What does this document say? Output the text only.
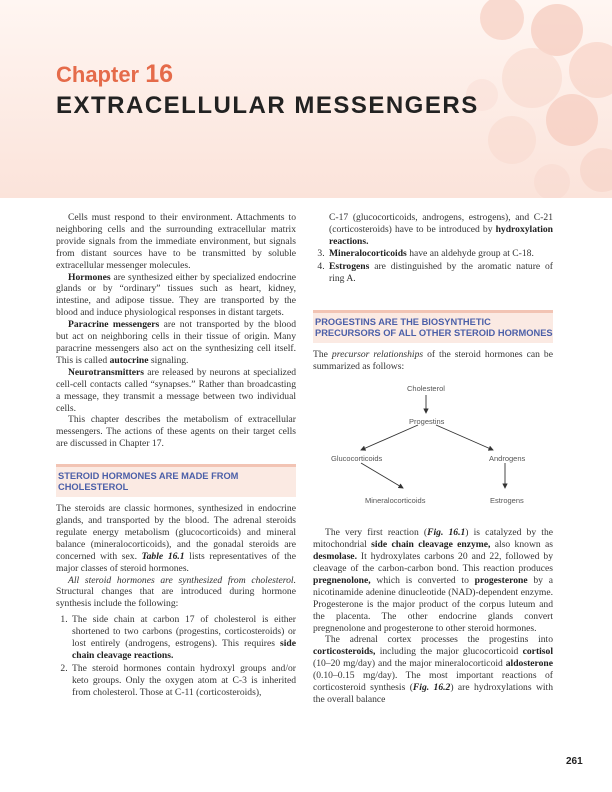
Chapter 16
EXTRACELLULAR MESSENGERS

Cells must respond to their environment. Attachments to neighboring cells and the surrounding extracellular matrix provide signals from the immediate environment, but signals from distant sources have to be transmitted by soluble extracellular messenger molecules.

Hormones are synthesized either by specialized endocrine glands or by “ordinary” tissues such as heart, kidney, intestine, and adipose tissue. They are transported by the blood and induce physiological responses in distant targets.

Paracrine messengers are not transported by the blood but act on neighboring cells in their tissue of origin. Many paracrine messengers also act on the synthesizing cell itself. This is called autocrine signaling.

Neurotransmitters are released by neurons at specialized cell-cell contacts called “synapses.” Rather than broadcasting a message, they transmit a message between two individual cells.

This chapter describes the metabolism of extracellular messengers. The actions of these agents on their target cells are discussed in Chapter 17.

STEROID HORMONES ARE MADE FROM CHOLESTEROL

The steroids are classic hormones, synthesized in endocrine glands, and transported by the blood. The adrenal steroids regulate energy metabolism (glucocorticoids) and mineral balance (mineralocorticoids), and the gonadal steroids are concerned with sex. Table 16.1 lists representatives of the major classes of steroid hormones.

All steroid hormones are synthesized from cholesterol. Structural changes that are introduced during hormone synthesis include the following:

1. The side chain at carbon 17 of cholesterol is either shortened to two carbons (progestins, corticosteroids) or lost entirely (androgens, estrogens). This requires side chain cleavage reactions.
2. The steroid hormones contain hydroxyl groups and/or keto groups. Only the oxygen atom at C-3 is inherited from cholesterol. Those at C-11 (corticosteroids),

C-17 (glucocorticoids, androgens, estrogens), and C-21 (corticosteroids) have to be introduced by hydroxylation reactions.

3. Mineralocorticoids have an aldehyde group at C-18.
4. Estrogens are distinguished by the aromatic nature of ring A.
PROGESTINS ARE THE BIOSYNTHETIC PRECURSORS OF ALL OTHER STEROID HORMONES

The precursor relationships of the steroid hormones can be summarized as follows:

Cholesterol
Progestins
Glucocorticoids	Androgens
Mineralocorticoids	Estrogens

The very first reaction (Fig. 16.1) is catalyzed by the mitochondrial side chain cleavage enzyme, also known as desmolase. It hydroxylates carbons 20 and 22, followed by cleavage of the carbon-carbon bond. This reaction produces pregnenolone, which is converted to progesterone by a nicotinamide adenine dinucleotide (NAD)-dependent enzyme. Progesterone is the major product of the corpus luteum and the placenta. The other endocrine glands convert pregnenolone and progesterone to other steroid hormones.

The adrenal cortex processes the progestins into corticosteroids, including the major glucocorticoid cortisol (10–20 mg/day) and the major mineralocorticoid aldosterone (0.10–0.15 mg/day). The most important reactions of corticosteroid synthesis (Fig. 16.2) are hydroxylations with the overall balance

261
